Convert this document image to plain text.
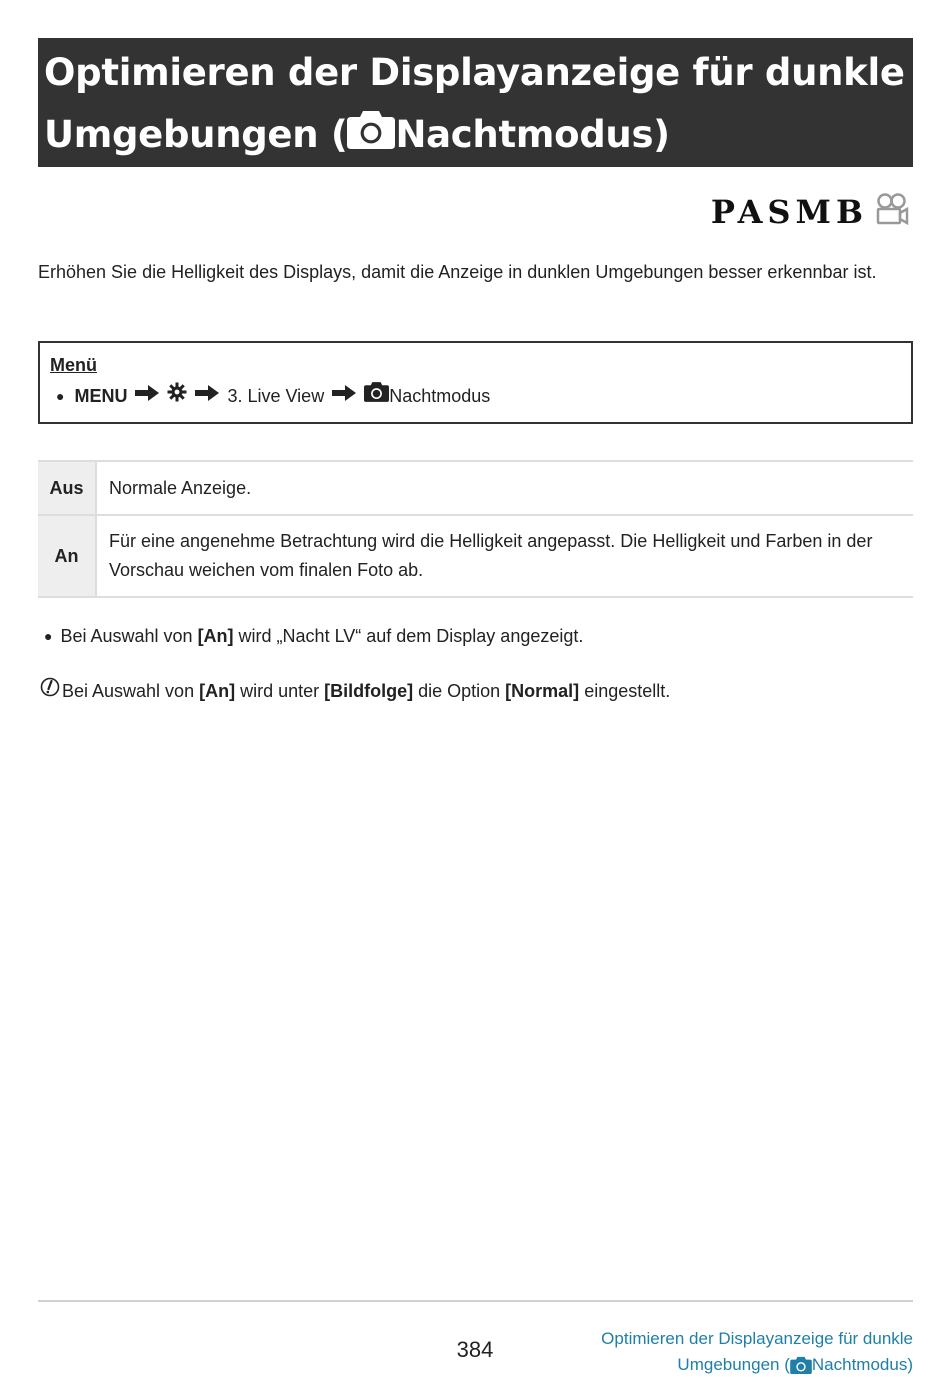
Optimieren der Displayanzeige für dunkle
Umgebungen ( Nachtmodus)
PASMB
Erhöhen Sie die Helligkeit des Displays, damit die Anzeige in dunklen Umgebungen besser erkennbar ist.
Menü
● MENU	3. Live View	Nachtmodus
Aus	Normale Anzeige.
An	Für eine angenehme Betrachtung wird die Helligkeit angepasst. Die Helligkeit und Farben in der Vorschau weichen vom finalen Foto ab.
● Bei Auswahl von [An] wird „Nacht LV“ auf dem Display angezeigt.
Bei Auswahl von [An] wird unter [Bildfolge] die Option [Normal] eingestellt.
384	Optimieren der Displayanzeige für dunkle
Umgebungen ( Nachtmodus)
